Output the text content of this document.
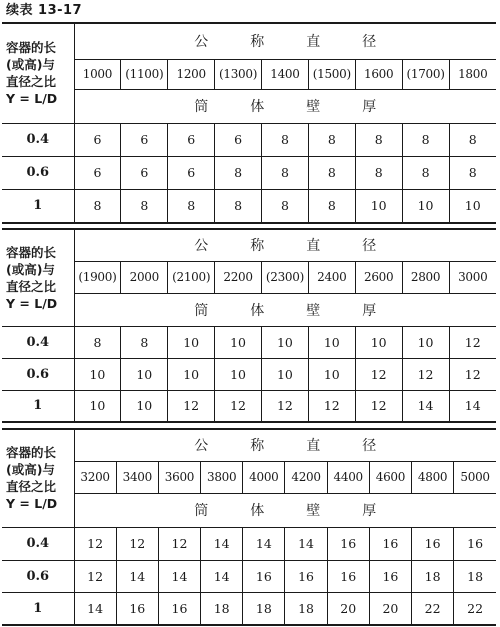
续表 13-17
容器的长
(或高)与
直径之比
Y = L/D	公称直径								
	1000	(1100)	1200	(1300)	1400	(1500)	1600	(1700)	1800
	筒体壁厚								
0.4	6	6	6	6	8	8	8	8	8
0.6	6	6	6	8	8	8	8	8	8
1	8	8	8	8	8	8	10	10	10
容器的长
(或高)与
直径之比
Y = L/D	公称直径								
	(1900)	2000	(2100)	2200	(2300)	2400	2600	2800	3000
	筒体壁厚								
0.4	8	8	10	10	10	10	10	10	12
0.6	10	10	10	10	10	10	12	12	12
1	10	10	12	12	12	12	12	14	14
容器的长
(或高)与
直径之比
Y = L/D	公称直径									
	3200	3400	3600	3800	4000	4200	4400	4600	4800	5000
	筒体壁厚									
0.4	12	12	12	14	14	14	16	16	16	16
0.6	12	14	14	14	16	16	16	16	18	18
1	14	16	16	18	18	18	20	20	22	22
